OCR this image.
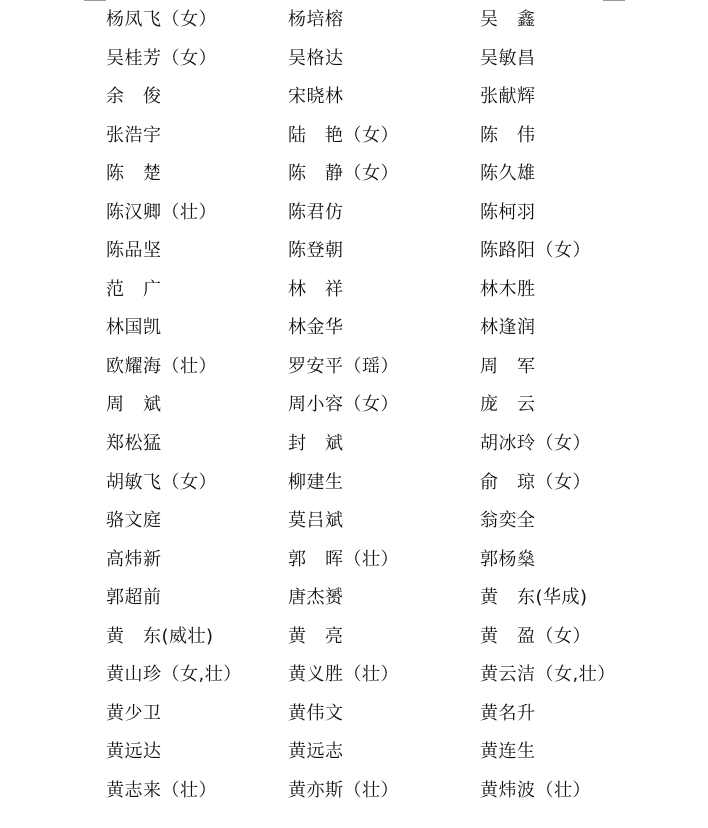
杨凤飞（女）	杨培榕	吴　鑫
吴桂芳（女）	吴格达	吴敏昌
余　俊	宋晓林	张献辉
张浩宇	陆　艳（女）	陈　伟
陈　楚	陈　静（女）	陈久雄
陈汉卿（壮）	陈君仿	陈柯羽
陈品坚	陈登朝	陈路阳（女）
范　广	林　祥	林木胜
林国凯	林金华	林逢润
欧耀海（壮）	罗安平（瑶）	周　军
周　斌	周小容（女）	庞　云
郑松猛	封　斌	胡冰玲（女）
胡敏飞（女）	柳建生	俞　琼（女）
骆文庭	莫吕斌	翁奕全
高炜新	郭　晖（壮）	郭杨燊
郭超前	唐杰赟	黄　东(华成)
黄　东(威壮)	黄　亮	黄　盈（女）
黄山珍（女,壮）	黄义胜（壮）	黄云洁（女,壮）
黄少卫	黄伟文	黄名升
黄远达	黄远志	黄连生
黄志来（壮）	黄亦斯（壮）	黄炜波（壮）
